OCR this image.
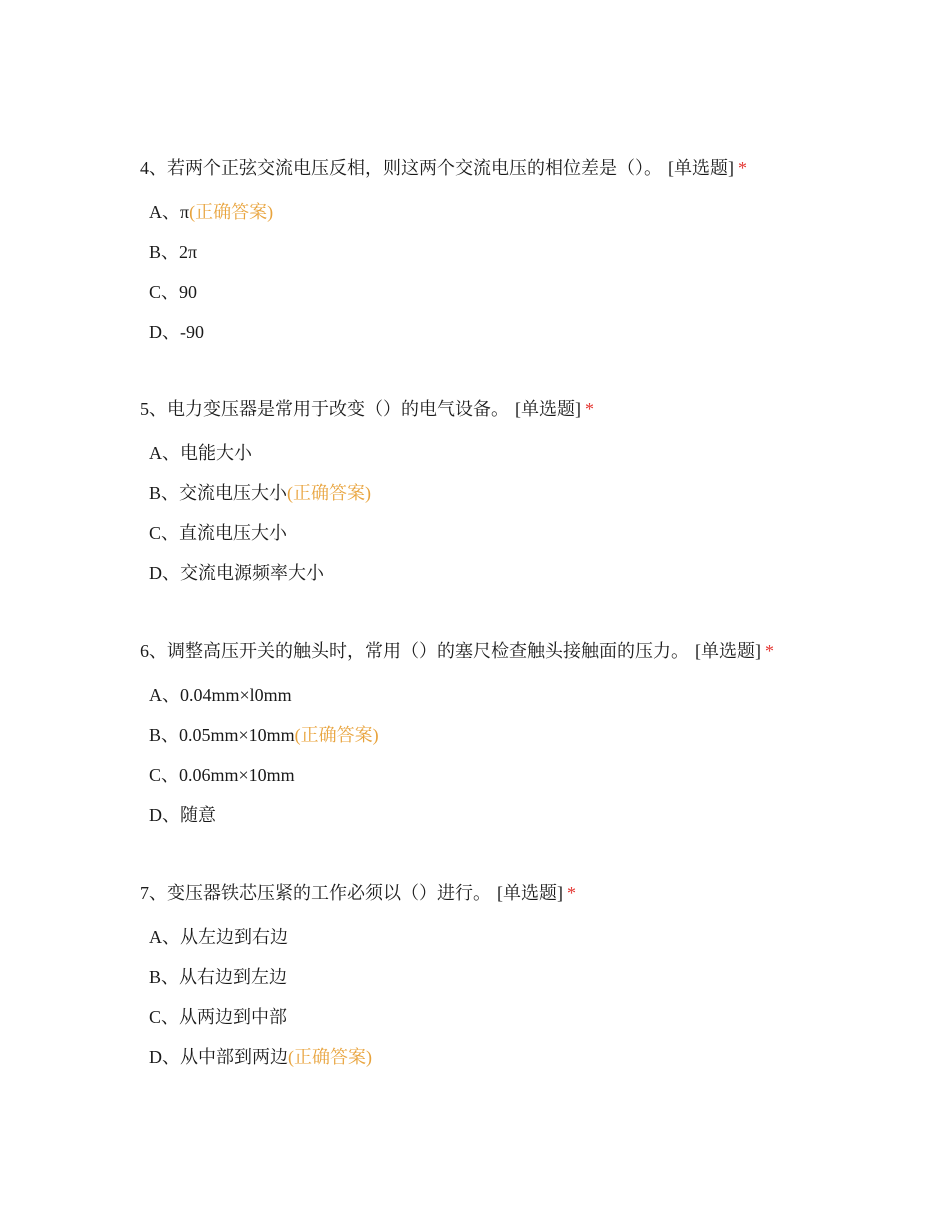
4、若两个正弦交流电压反相，则这两个交流电压的相位差是（）。 [单选题] *
A、π(正确答案)
B、2π
C、90
D、-90
5、电力变压器是常用于改变（）的电气设备。 [单选题] *
A、电能大小
B、交流电压大小(正确答案)
C、直流电压大小
D、交流电源频率大小
6、调整高压开关的触头时，常用（）的塞尺检查触头接触面的压力。 [单选题] *
A、0.04mm×l0mm
B、0.05mm×10mm(正确答案)
C、0.06mm×10mm
D、随意
7、变压器铁芯压紧的工作必须以（）进行。 [单选题] *
A、从左边到右边
B、从右边到左边
C、从两边到中部
D、从中部到两边(正确答案)
